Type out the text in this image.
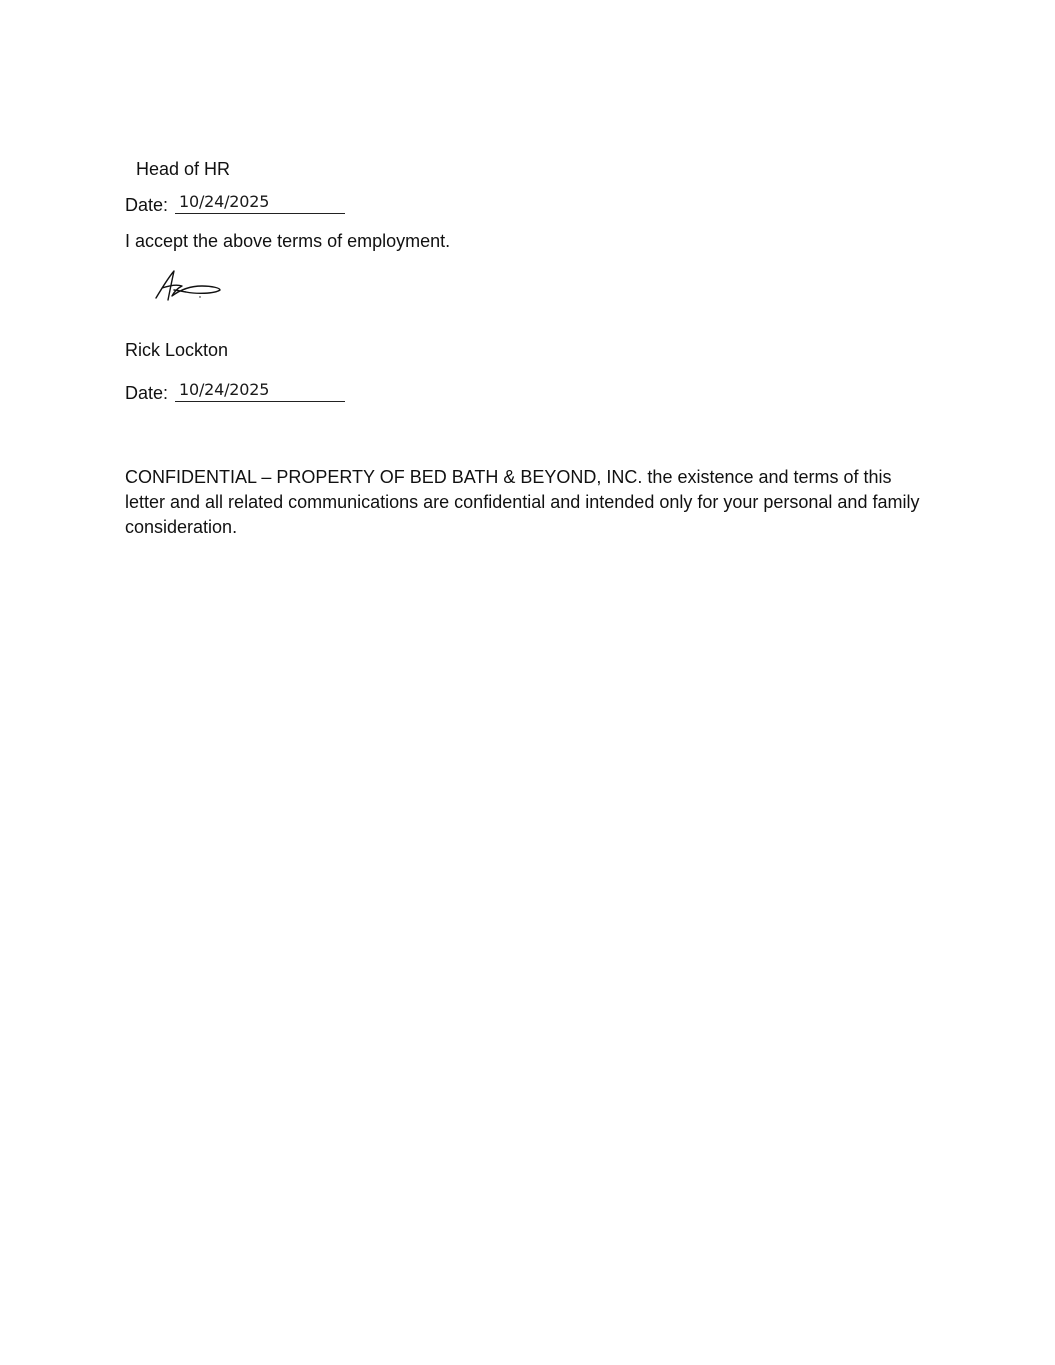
Head of HR
Date: 10/24/2025
I accept the above terms of employment.
Rick Lockton
Date: 10/24/2025
CONFIDENTIAL – PROPERTY OF BED BATH & BEYOND, INC. the existence and terms of this letter and all related communications are confidential and intended only for your personal and family consideration.
